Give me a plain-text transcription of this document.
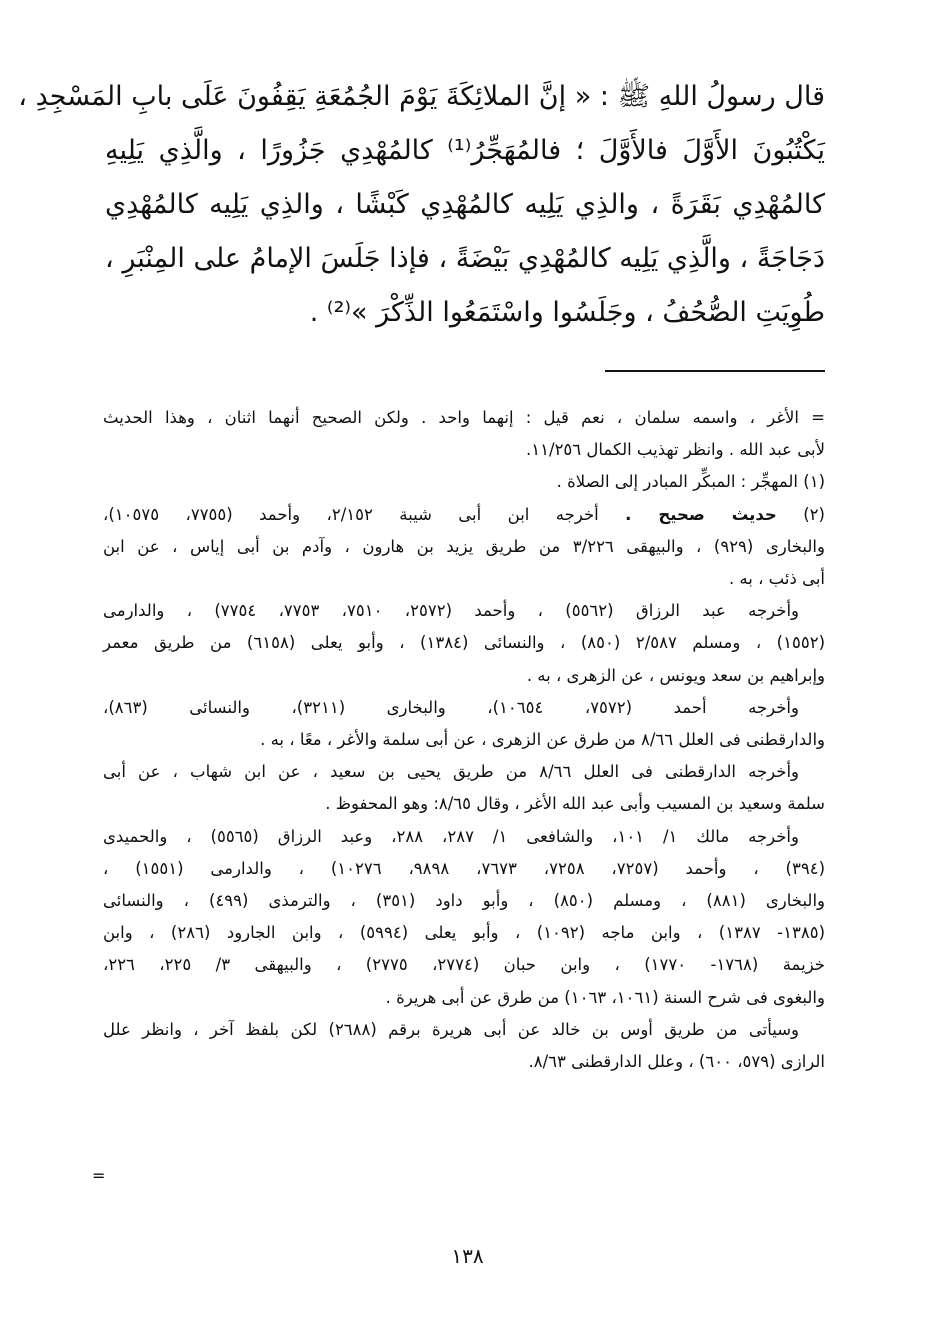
قال رسولُ اللهِ ﷺ : « إنَّ الملائِكَةَ يَوْمَ الجُمُعَةِ يَقِفُونَ عَلَى بابِ المَسْجِدِ ،
يَكْتُبُونَ الأَوَّلَ فالأَوَّلَ ؛ فالمُهَجِّرُ⁽¹⁾ كالمُهْدِي جَزُورًا ، والَّذِي يَلِيهِ
كالمُهْدِي بَقَرَةً ، والذِي يَلِيه كالمُهْدِي كَبْشًا ، والذِي يَلِيه كالمُهْدِي
دَجَاجَةً ، والَّذِي يَلِيه كالمُهْدِي بَيْضَةً ، فإذا جَلَسَ الإمامُ على المِنْبَرِ ،
طُوِيَتِ الصُّحُفُ ، وجَلَسُوا واسْتَمَعُوا الذِّكْرَ »⁽²⁾ .
= الأغر ، واسمه سلمان ، نعم قيل : إنهما واحد . ولكن الصحيح أنهما اثنان ، وهذا الحديث
لأبى عبد الله . وانظر تهذيب الكمال ١١/٢٥٦.
(١) المهجِّر : المبكِّر المبادر إلى الصلاة .
(٢) حديث صحيح . أخرجه ابن أبى شيبة ٢/١٥٢، وأحمد (٧٧٥٥، ١٠٥٧٥)،
والبخارى (٩٢٩) ، والبيهقى ٣/٢٢٦ من طريق يزيد بن هارون ، وآدم بن أبى إياس ، عن ابن
أبى ذئب ، به .
وأخرجه عبد الرزاق (٥٥٦٢) ، وأحمد (٢٥٧٢، ٧٥١٠، ٧٧٥٣، ٧٧٥٤) ، والدارمى
(١٥٥٢) ، ومسلم ٢/٥٨٧ (٨٥٠) ، والنسائى (١٣٨٤) ، وأبو يعلى (٦١٥٨) من طريق معمر
وإبراهيم بن سعد ويونس ، عن الزهرى ، به .
وأخرجه أحمد (٧٥٧٢، ١٠٦٥٤)، والبخارى (٣٢١١)، والنسائى (٨٦٣)،
والدارقطنى فى العلل ٨/٦٦ من طرق عن الزهرى ، عن أبى سلمة والأغر ، معًا ، به .
وأخرجه الدارقطنى فى العلل ٨/٦٦ من طريق يحيى بن سعيد ، عن ابن شهاب ، عن أبى
سلمة وسعيد بن المسيب وأبى عبد الله الأغر ، وقال ٨/٦٥: وهو المحفوظ .
وأخرجه مالك ١/ ١٠١، والشافعى ١/ ٢٨٧، ٢٨٨، وعبد الرزاق (٥٥٦٥) ، والحميدى
(٣٩٤) ، وأحمد (٧٢٥٧، ٧٢٥٨، ٧٦٧٣، ٩٨٩٨، ١٠٢٧٦) ، والدارمى (١٥٥١) ،
والبخارى (٨٨١) ، ومسلم (٨٥٠) ، وأبو داود (٣٥١) ، والترمذى (٤٩٩) ، والنسائى
(١٣٨٥- ١٣٨٧) ، وابن ماجه (١٠٩٢) ، وأبو يعلى (٥٩٩٤) ، وابن الجارود (٢٨٦) ، وابن
خزيمة (١٧٦٨- ١٧٧٠) ، وابن حبان (٢٧٧٤، ٢٧٧٥) ، والبيهقى ٣/ ٢٢٥، ٢٢٦،
والبغوى فى شرح السنة (١٠٦١، ١٠٦٣) من طرق عن أبى هريرة .
وسيأتى من طريق أوس بن خالد عن أبى هريرة برقم (٢٦٨٨) لكن بلفظ آخر ، وانظر علل
الرازى (٥٧٩، ٦٠٠) ، وعلل الدارقطنى ٨/٦٣.
=
١٣٨
